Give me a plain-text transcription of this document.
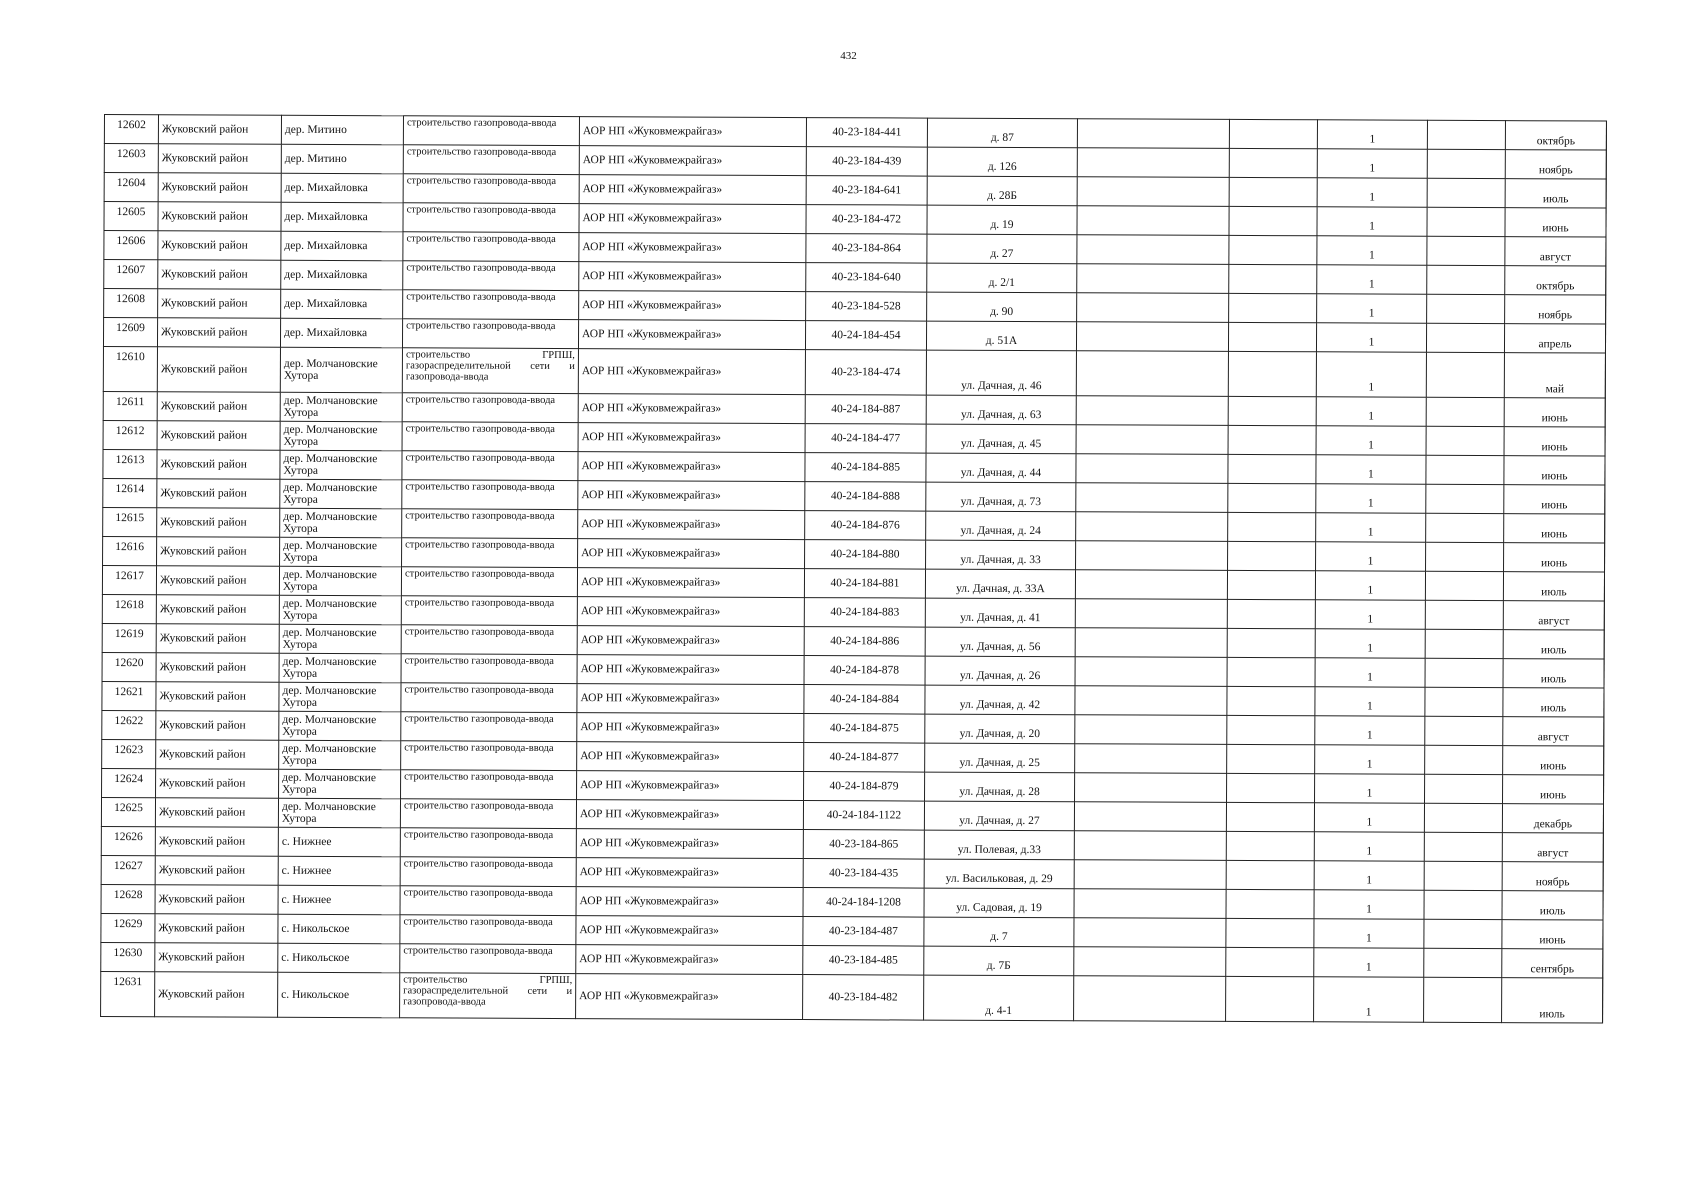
432
12602	Жуковский район	дер. Митино	строительство газопровода-ввода	АОР НП «Жуковмежрайгаз»	40-23-184-441	д. 87			1		октябрь	
12603	Жуковский район	дер. Митино	строительство газопровода-ввода	АОР НП «Жуковмежрайгаз»	40-23-184-439	д. 126			1		ноябрь	
12604	Жуковский район	дер. Михайловка	строительство газопровода-ввода	АОР НП «Жуковмежрайгаз»	40-23-184-641	д. 28Б			1		июль	
12605	Жуковский район	дер. Михайловка	строительство газопровода-ввода	АОР НП «Жуковмежрайгаз»	40-23-184-472	д. 19			1		июнь	
12606	Жуковский район	дер. Михайловка	строительство газопровода-ввода	АОР НП «Жуковмежрайгаз»	40-23-184-864	д. 27			1		август	
12607	Жуковский район	дер. Михайловка	строительство газопровода-ввода	АОР НП «Жуковмежрайгаз»	40-23-184-640	д. 2/1			1		октябрь	
12608	Жуковский район	дер. Михайловка	строительство газопровода-ввода	АОР НП «Жуковмежрайгаз»	40-23-184-528	д. 90			1		ноябрь	
12609	Жуковский район	дер. Михайловка	строительство газопровода-ввода	АОР НП «Жуковмежрайгаз»	40-24-184-454	д. 51А			1		апрель	
12610	Жуковский район	дер. Молчановские Хутора	строительство ГРПШ, газораспределительной сети и газопровода-ввода	АОР НП «Жуковмежрайгаз»	40-23-184-474	ул. Дачная, д. 46			1		май	
12611	Жуковский район	дер. Молчановские Хутора	строительство газопровода-ввода	АОР НП «Жуковмежрайгаз»	40-24-184-887	ул. Дачная, д. 63			1		июнь	
12612	Жуковский район	дер. Молчановские Хутора	строительство газопровода-ввода	АОР НП «Жуковмежрайгаз»	40-24-184-477	ул. Дачная, д. 45			1		июнь	
12613	Жуковский район	дер. Молчановские Хутора	строительство газопровода-ввода	АОР НП «Жуковмежрайгаз»	40-24-184-885	ул. Дачная, д. 44			1		июнь	
12614	Жуковский район	дер. Молчановские Хутора	строительство газопровода-ввода	АОР НП «Жуковмежрайгаз»	40-24-184-888	ул. Дачная, д. 73			1		июнь	
12615	Жуковский район	дер. Молчановские Хутора	строительство газопровода-ввода	АОР НП «Жуковмежрайгаз»	40-24-184-876	ул. Дачная, д. 24			1		июнь	
12616	Жуковский район	дер. Молчановские Хутора	строительство газопровода-ввода	АОР НП «Жуковмежрайгаз»	40-24-184-880	ул. Дачная, д. 33			1		июнь	
12617	Жуковский район	дер. Молчановские Хутора	строительство газопровода-ввода	АОР НП «Жуковмежрайгаз»	40-24-184-881	ул. Дачная, д. 33А			1		июль	
12618	Жуковский район	дер. Молчановские Хутора	строительство газопровода-ввода	АОР НП «Жуковмежрайгаз»	40-24-184-883	ул. Дачная, д. 41			1		август	
12619	Жуковский район	дер. Молчановские Хутора	строительство газопровода-ввода	АОР НП «Жуковмежрайгаз»	40-24-184-886	ул. Дачная, д. 56			1		июль	
12620	Жуковский район	дер. Молчановские Хутора	строительство газопровода-ввода	АОР НП «Жуковмежрайгаз»	40-24-184-878	ул. Дачная, д. 26			1		июль	
12621	Жуковский район	дер. Молчановские Хутора	строительство газопровода-ввода	АОР НП «Жуковмежрайгаз»	40-24-184-884	ул. Дачная, д. 42			1		июль	
12622	Жуковский район	дер. Молчановские Хутора	строительство газопровода-ввода	АОР НП «Жуковмежрайгаз»	40-24-184-875	ул. Дачная, д. 20			1		август	
12623	Жуковский район	дер. Молчановские Хутора	строительство газопровода-ввода	АОР НП «Жуковмежрайгаз»	40-24-184-877	ул. Дачная, д. 25			1		июнь	
12624	Жуковский район	дер. Молчановские Хутора	строительство газопровода-ввода	АОР НП «Жуковмежрайгаз»	40-24-184-879	ул. Дачная, д. 28			1		июнь	
12625	Жуковский район	дер. Молчановские Хутора	строительство газопровода-ввода	АОР НП «Жуковмежрайгаз»	40-24-184-1122	ул. Дачная, д. 27			1		декабрь	
12626	Жуковский район	с. Нижнее	строительство газопровода-ввода	АОР НП «Жуковмежрайгаз»	40-23-184-865	ул. Полевая, д.33			1		август	
12627	Жуковский район	с. Нижнее	строительство газопровода-ввода	АОР НП «Жуковмежрайгаз»	40-23-184-435	ул. Васильковая, д. 29			1		ноябрь	
12628	Жуковский район	с. Нижнее	строительство газопровода-ввода	АОР НП «Жуковмежрайгаз»	40-24-184-1208	ул. Садовая, д. 19			1		июль	
12629	Жуковский район	с. Никольское	строительство газопровода-ввода	АОР НП «Жуковмежрайгаз»	40-23-184-487	д. 7			1		июнь	
12630	Жуковский район	с. Никольское	строительство газопровода-ввода	АОР НП «Жуковмежрайгаз»	40-23-184-485	д. 7Б			1		сентябрь	
12631	Жуковский район	с. Никольское	строительство ГРПШ, газораспределительной сети и газопровода-ввода	АОР НП «Жуковмежрайгаз»	40-23-184-482	д. 4-1			1		июль	
